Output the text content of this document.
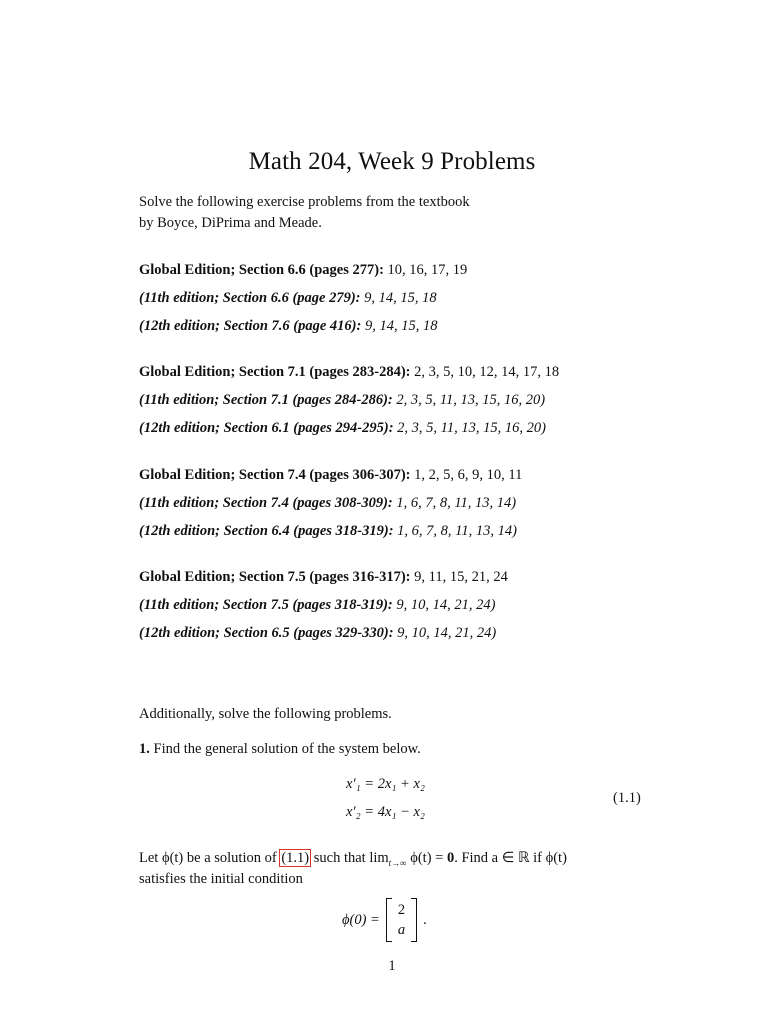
Math 204, Week 9 Problems
Solve the following exercise problems from the textbook
by Boyce, DiPrima and Meade.
Global Edition; Section 6.6 (pages 277): 10, 16, 17, 19
(11th edition; Section 6.6 (page 279): 9, 14, 15, 18
(12th edition; Section 7.6 (page 416): 9, 14, 15, 18
Global Edition; Section 7.1 (pages 283-284): 2, 3, 5, 10, 12, 14, 17, 18
(11th edition; Section 7.1 (pages 284-286): 2, 3, 5, 11, 13, 15, 16, 20)
(12th edition; Section 6.1 (pages 294-295): 2, 3, 5, 11, 13, 15, 16, 20)
Global Edition; Section 7.4 (pages 306-307): 1, 2, 5, 6, 9, 10, 11
(11th edition; Section 7.4 (pages 308-309): 1, 6, 7, 8, 11, 13, 14)
(12th edition; Section 6.4 (pages 318-319): 1, 6, 7, 8, 11, 13, 14)
Global Edition; Section 7.5 (pages 316-317): 9, 11, 15, 21, 24
(11th edition; Section 7.5 (pages 318-319): 9, 10, 14, 21, 24)
(12th edition; Section 6.5 (pages 329-330): 9, 10, 14, 21, 24)
Additionally, solve the following problems.
1. Find the general solution of the system below.
x′₁ = 2x₁ + x₂
x′₂ = 4x₁ − x₂
(1.1)
Let ϕ(t) be a solution of (1.1) such that $\lim_{t\to\infty} \phi(t) = 0$. Find a ∈ ℝ if ϕ(t)
satisfies the initial condition
ϕ(0) =
2
a
.
1
